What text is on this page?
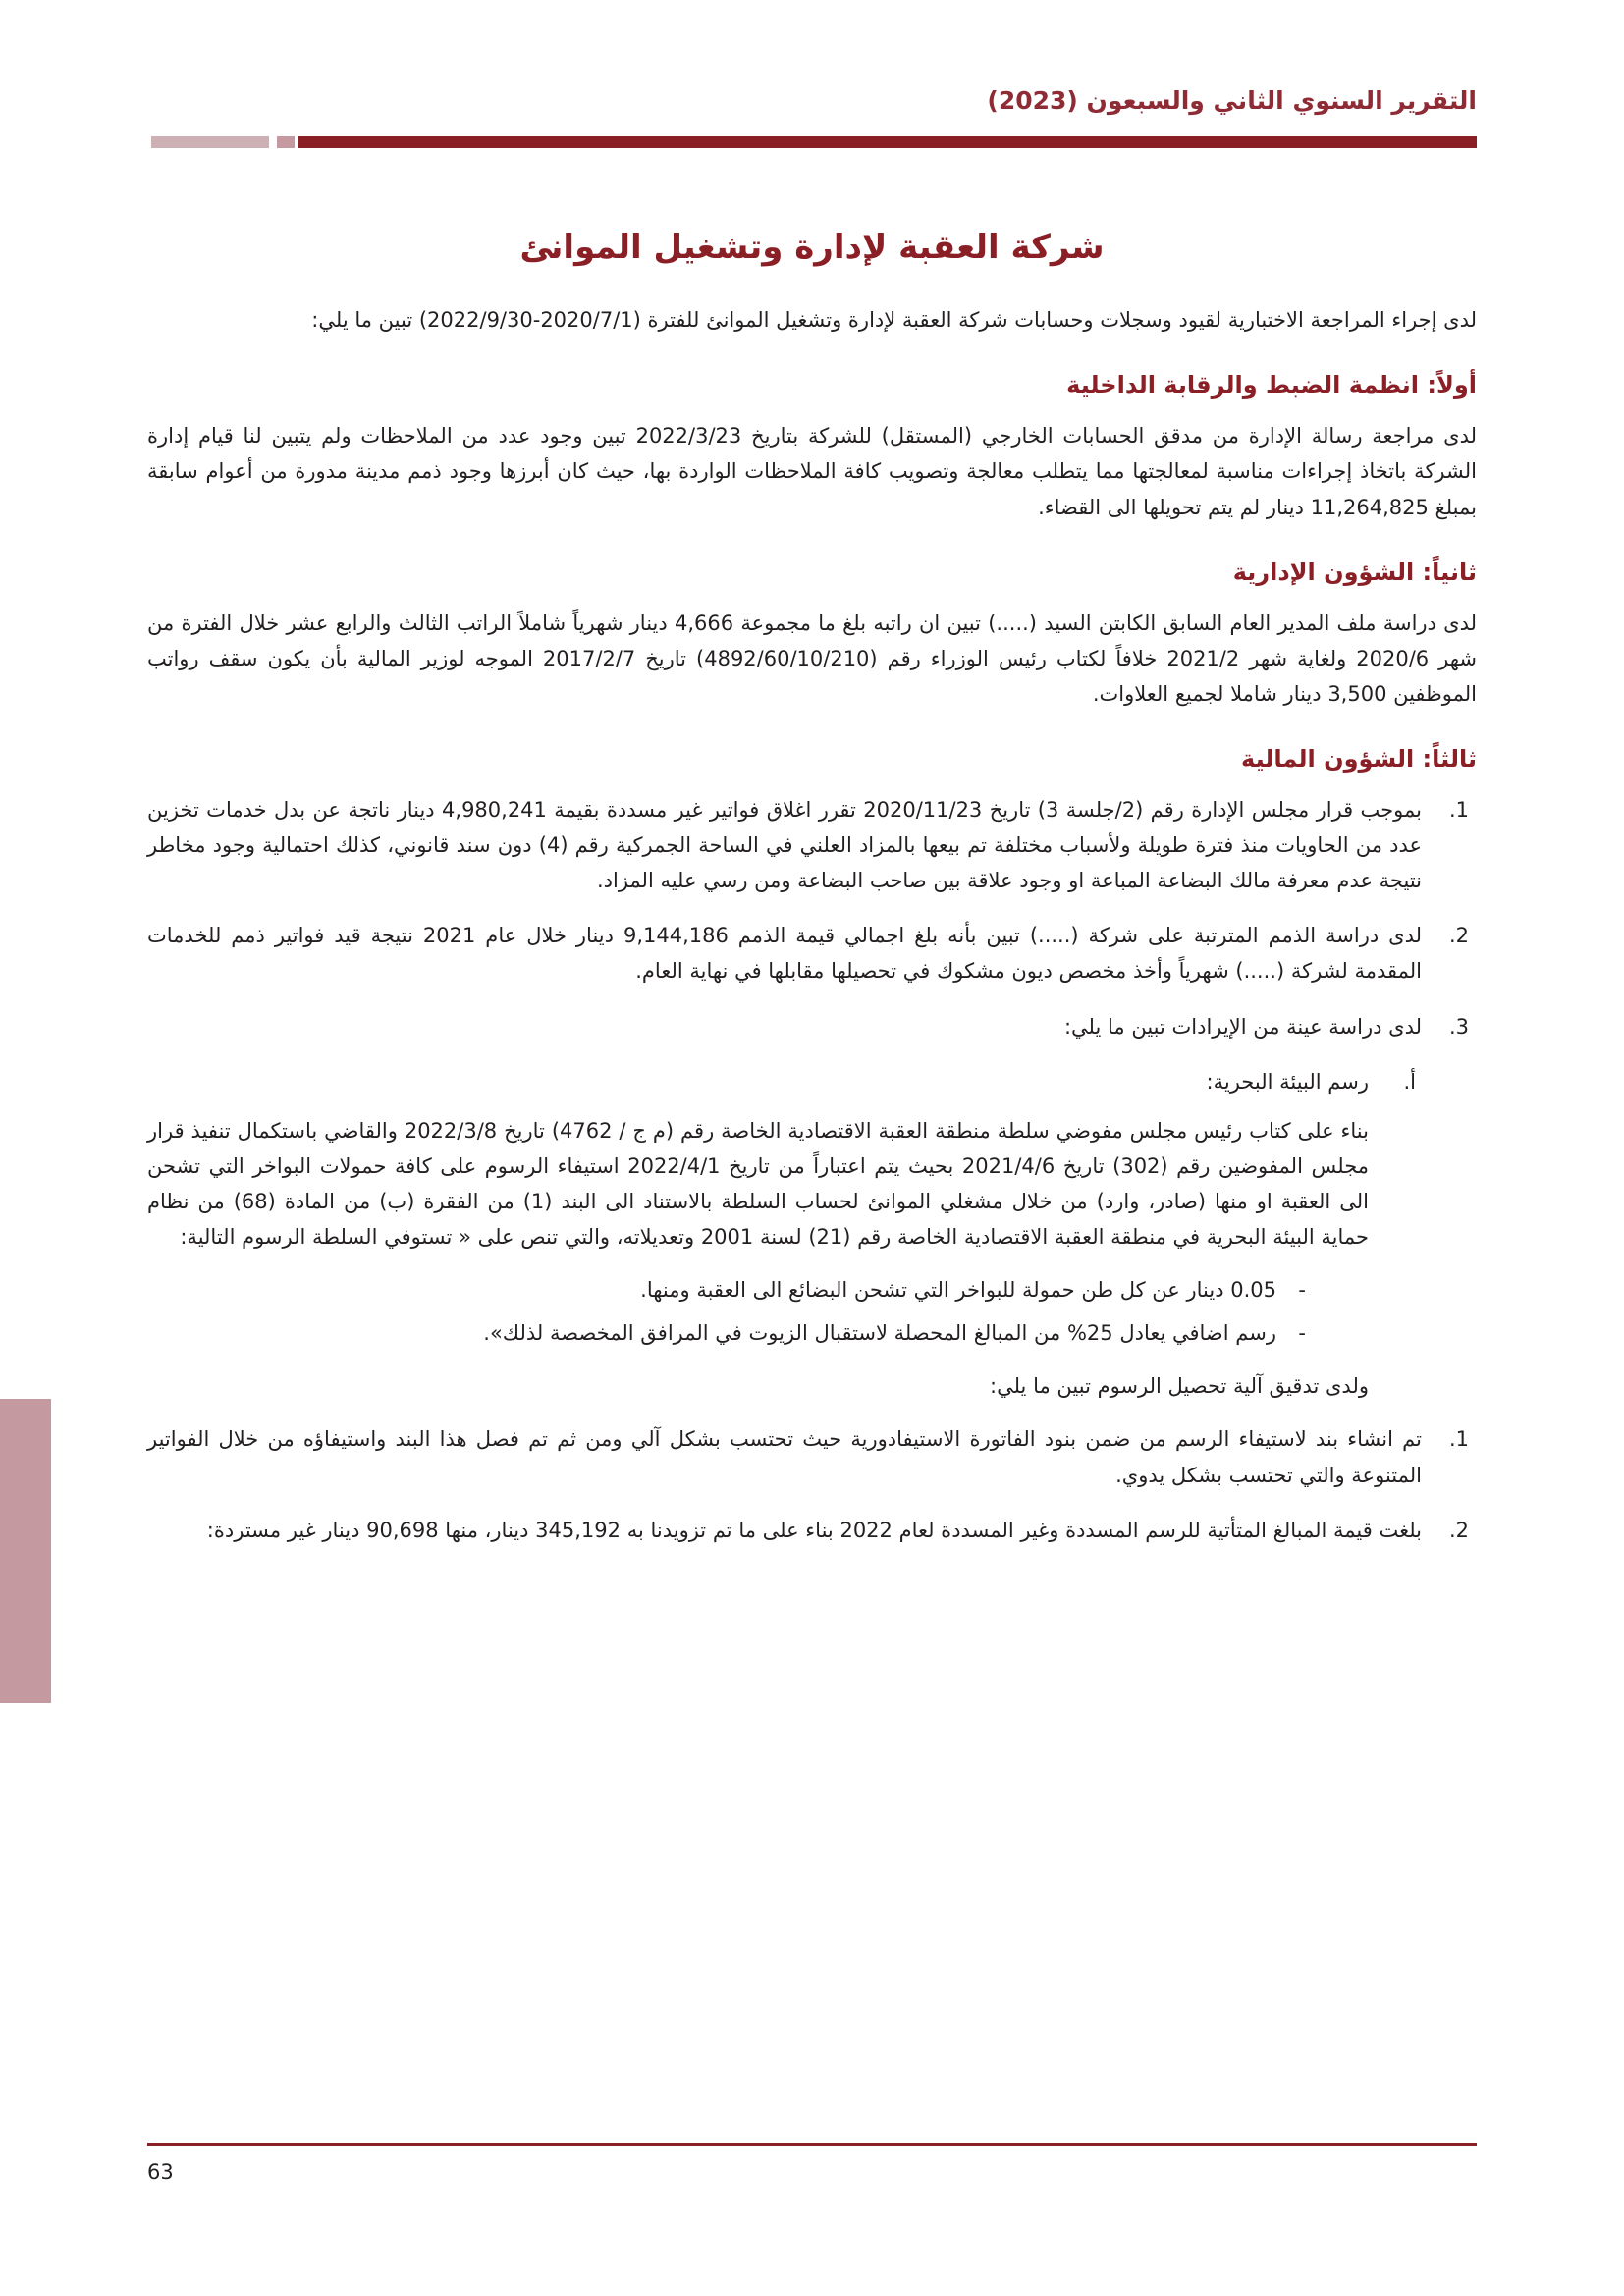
التقرير السنوي الثاني والسبعون (2023)
شركة العقبة لإدارة وتشغيل الموانئ

لدى إجراء المراجعة الاختبارية لقيود وسجلات وحسابات شركة العقبة لإدارة وتشغيل الموانئ للفترة (2020/7/1-2022/9/30) تبين ما يلي:

أولاً: انظمة الضبط والرقابة الداخلية

لدى مراجعة رسالة الإدارة من مدقق الحسابات الخارجي (المستقل) للشركة بتاريخ 2022/3/23 تبين وجود عدد من الملاحظات ولم يتبين لنا قيام إدارة الشركة باتخاذ إجراءات مناسبة لمعالجتها مما يتطلب معالجة وتصويب كافة الملاحظات الواردة بها، حيث كان أبرزها وجود ذمم مدينة مدورة من أعوام سابقة بمبلغ 11,264,825 دينار لم يتم تحويلها الى القضاء.

ثانياً: الشؤون الإدارية

لدى دراسة ملف المدير العام السابق الكابتن السيد (.....) تبين ان راتبه بلغ ما مجموعة 4,666 دينار شهرياً شاملاً الراتب الثالث والرابع عشر خلال الفترة من شهر 2020/6 ولغاية شهر 2021/2 خلافاً لكتاب رئيس الوزراء رقم (4892/60/10/210) تاريخ 2017/2/7 الموجه لوزير المالية بأن يكون سقف رواتب الموظفين 3,500 دينار شاملا لجميع العلاوات.

ثالثاً: الشؤون المالية
.1
بموجب قرار مجلس الإدارة رقم (2/جلسة 3) تاريخ 2020/11/23 تقرر اغلاق فواتير غير مسددة بقيمة 4,980,241 دينار ناتجة عن بدل خدمات تخزين عدد من الحاويات منذ فترة طويلة ولأسباب مختلفة تم بيعها بالمزاد العلني في الساحة الجمركية رقم (4) دون سند قانوني، كذلك احتمالية وجود مخاطر نتيجة عدم معرفة مالك البضاعة المباعة او وجود علاقة بين صاحب البضاعة ومن رسي عليه المزاد.
.2
لدى دراسة الذمم المترتبة على شركة (.....) تبين بأنه بلغ اجمالي قيمة الذمم 9,144,186 دينار خلال عام 2021 نتيجة قيد فواتير ذمم للخدمات المقدمة لشركة (.....) شهرياً وأخذ مخصص ديون مشكوك في تحصيلها مقابلها في نهاية العام.
.3
لدى دراسة عينة من الإيرادات تبين ما يلي:
أ.
رسم البيئة البحرية:

بناء على كتاب رئيس مجلس مفوضي سلطة منطقة العقبة الاقتصادية الخاصة رقم (م ج / 4762) تاريخ 2022/3/8 والقاضي باستكمال تنفيذ قرار مجلس المفوضين رقم (302) تاريخ 2021/4/6 بحيث يتم اعتباراً من تاريخ 2022/4/1 استيفاء الرسوم على كافة حمولات البواخر التي تشحن الى العقبة او منها (صادر، وارد) من خلال مشغلي الموانئ لحساب السلطة بالاستناد الى البند (1) من الفقرة (ب) من المادة (68) من نظام حماية البيئة البحرية في منطقة العقبة الاقتصادية الخاصة رقم (21) لسنة 2001 وتعديلاته، والتي تنص على « تستوفي السلطة الرسوم التالية:

-
0.05 دينار عن كل طن حمولة للبواخر التي تشحن البضائع الى العقبة ومنها.
-
رسم اضافي يعادل 25% من المبالغ المحصلة لاستقبال الزيوت في المرافق المخصصة لذلك».

ولدى تدقيق آلية تحصيل الرسوم تبين ما يلي:

.1
تم انشاء بند لاستيفاء الرسم من ضمن بنود الفاتورة الاستيفادورية حيث تحتسب بشكل آلي ومن ثم تم فصل هذا البند واستيفاؤه من خلال الفواتير المتنوعة والتي تحتسب بشكل يدوي.
.2
بلغت قيمة المبالغ المتأتية للرسم المسددة وغير المسددة لعام 2022 بناء على ما تم تزويدنا به 345,192 دينار، منها 90,698 دينار غير مستردة:
63
